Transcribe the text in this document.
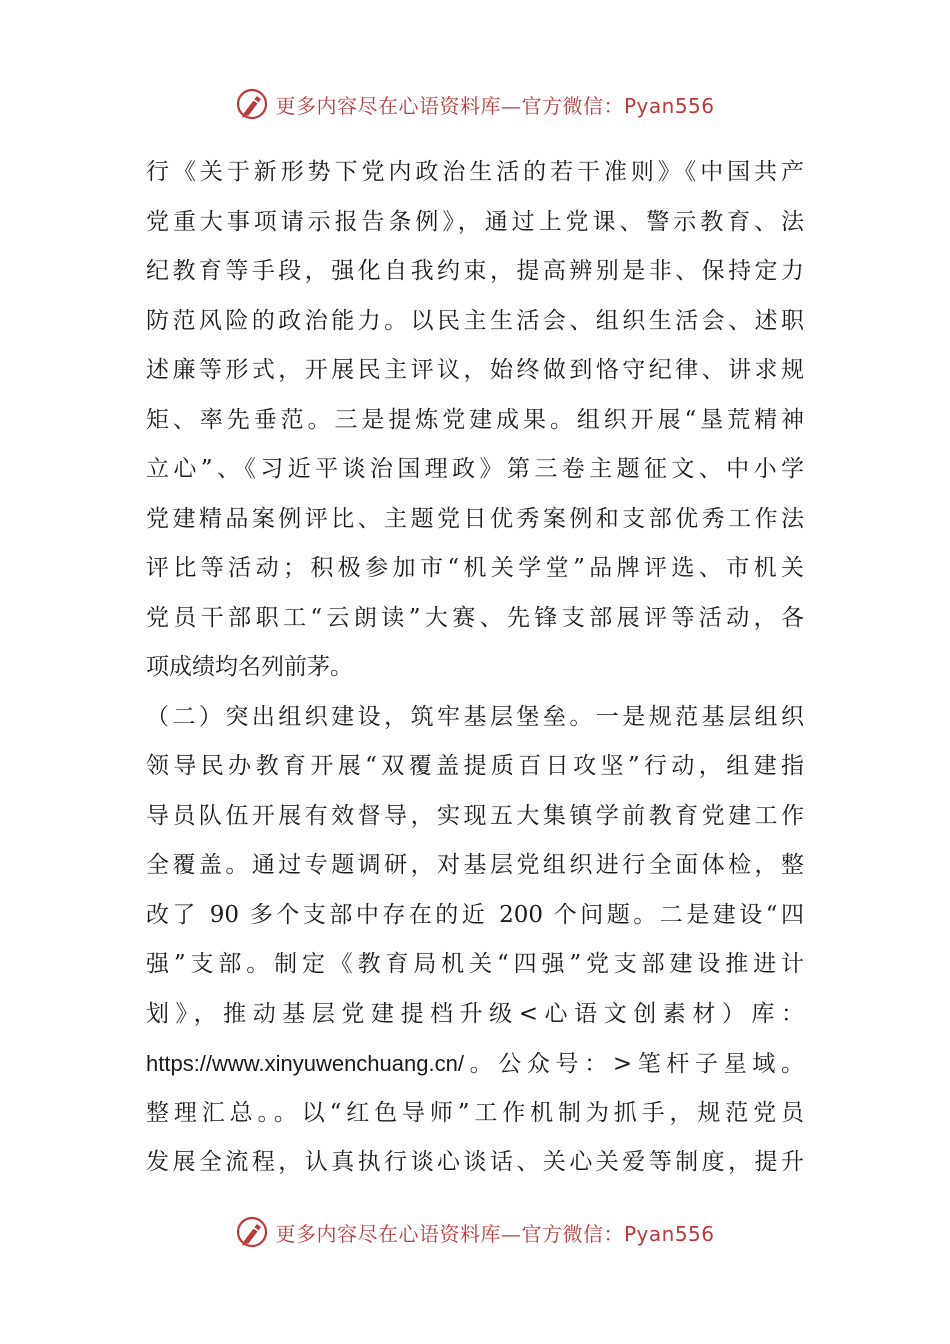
更多内容尽在心语资料库—官方微信：Pyan556
行《关于新形势下党内政治生活的若干准则》《中国共产
党重大事项请示报告条例》，通过上党课、警示教育、法
纪教育等手段，强化自我约束，提高辨别是非、保持定力
防范风险的政治能力。以民主生活会、组织生活会、述职
述廉等形式，开展民主评议，始终做到恪守纪律、讲求规
矩、率先垂范。三是提炼党建成果。组织开展“垦荒精神
立心”、《习近平谈治国理政》第三卷主题征文、中小学
党建精品案例评比、主题党日优秀案例和支部优秀工作法
评比等活动；积极参加市“机关学堂”品牌评选、市机关
党员干部职工“云朗读”大赛、先锋支部展评等活动，各
项成绩均名列前茅。
（二）突出组织建设，筑牢基层堡垒。一是规范基层组织
领导民办教育开展“双覆盖提质百日攻坚”行动，组建指
导员队伍开展有效督导，实现五大集镇学前教育党建工作
全覆盖。通过专题调研，对基层党组织进行全面体检，整
改了 90 多个支部中存在的近 200 个问题。二是建设“四
强”支部。制定《教育局机关“四强”党支部建设推进计
划》，推动基层党建提档升级<心语文创素材）库：
https://www.xinyuwenchuang.cn/。公众号：>笔杆子星域。
整理汇总。。以“红色导师”工作机制为抓手，规范党员
发展全流程，认真执行谈心谈话、关心关爱等制度，提升
更多内容尽在心语资料库—官方微信：Pyan556
